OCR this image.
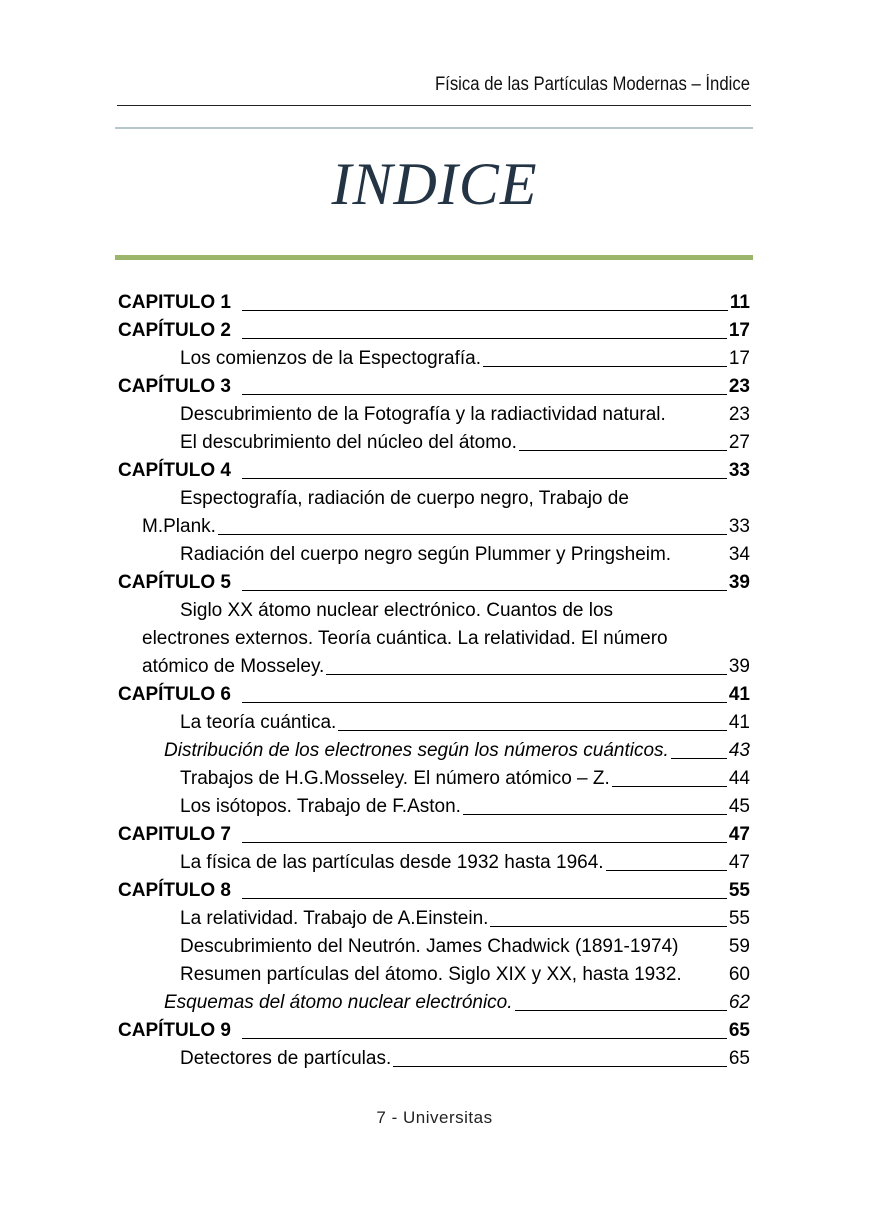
Física de las Partículas Modernas – Índice
INDICE
CAPITULO 1	11
CAPÍTULO 2	17
Los comienzos de la Espectografía.	17
CAPÍTULO 3	23
Descubrimiento de la Fotografía y la radiactividad natural.	23
El descubrimiento del núcleo del átomo.	27
CAPÍTULO 4	33
Espectografía, radiación de cuerpo negro, Trabajo de
M.Plank.	33
Radiación del cuerpo negro según Plummer y Pringsheim.	34
CAPÍTULO 5	39
Siglo XX átomo nuclear electrónico. Cuantos de los
electrones externos. Teoría cuántica. La relatividad. El número
atómico de Mosseley.	39
CAPÍTULO 6	41
La teoría cuántica.	41
Distribución de los electrones según los números cuánticos.	43
Trabajos de H.G.Mosseley. El número atómico – Z.	44
Los isótopos. Trabajo de F.Aston.	45
CAPITULO 7	47
La física de las partículas desde 1932 hasta 1964.	47
CAPÍTULO 8	55
La relatividad. Trabajo de A.Einstein.	55
Descubrimiento del Neutrón. James Chadwick (1891-1974)	59
Resumen partículas del átomo. Siglo XIX y XX, hasta 1932. 60
Esquemas del átomo nuclear electrónico.	62
CAPÍTULO 9	65
Detectores de partículas.	65
7 - Universitas
